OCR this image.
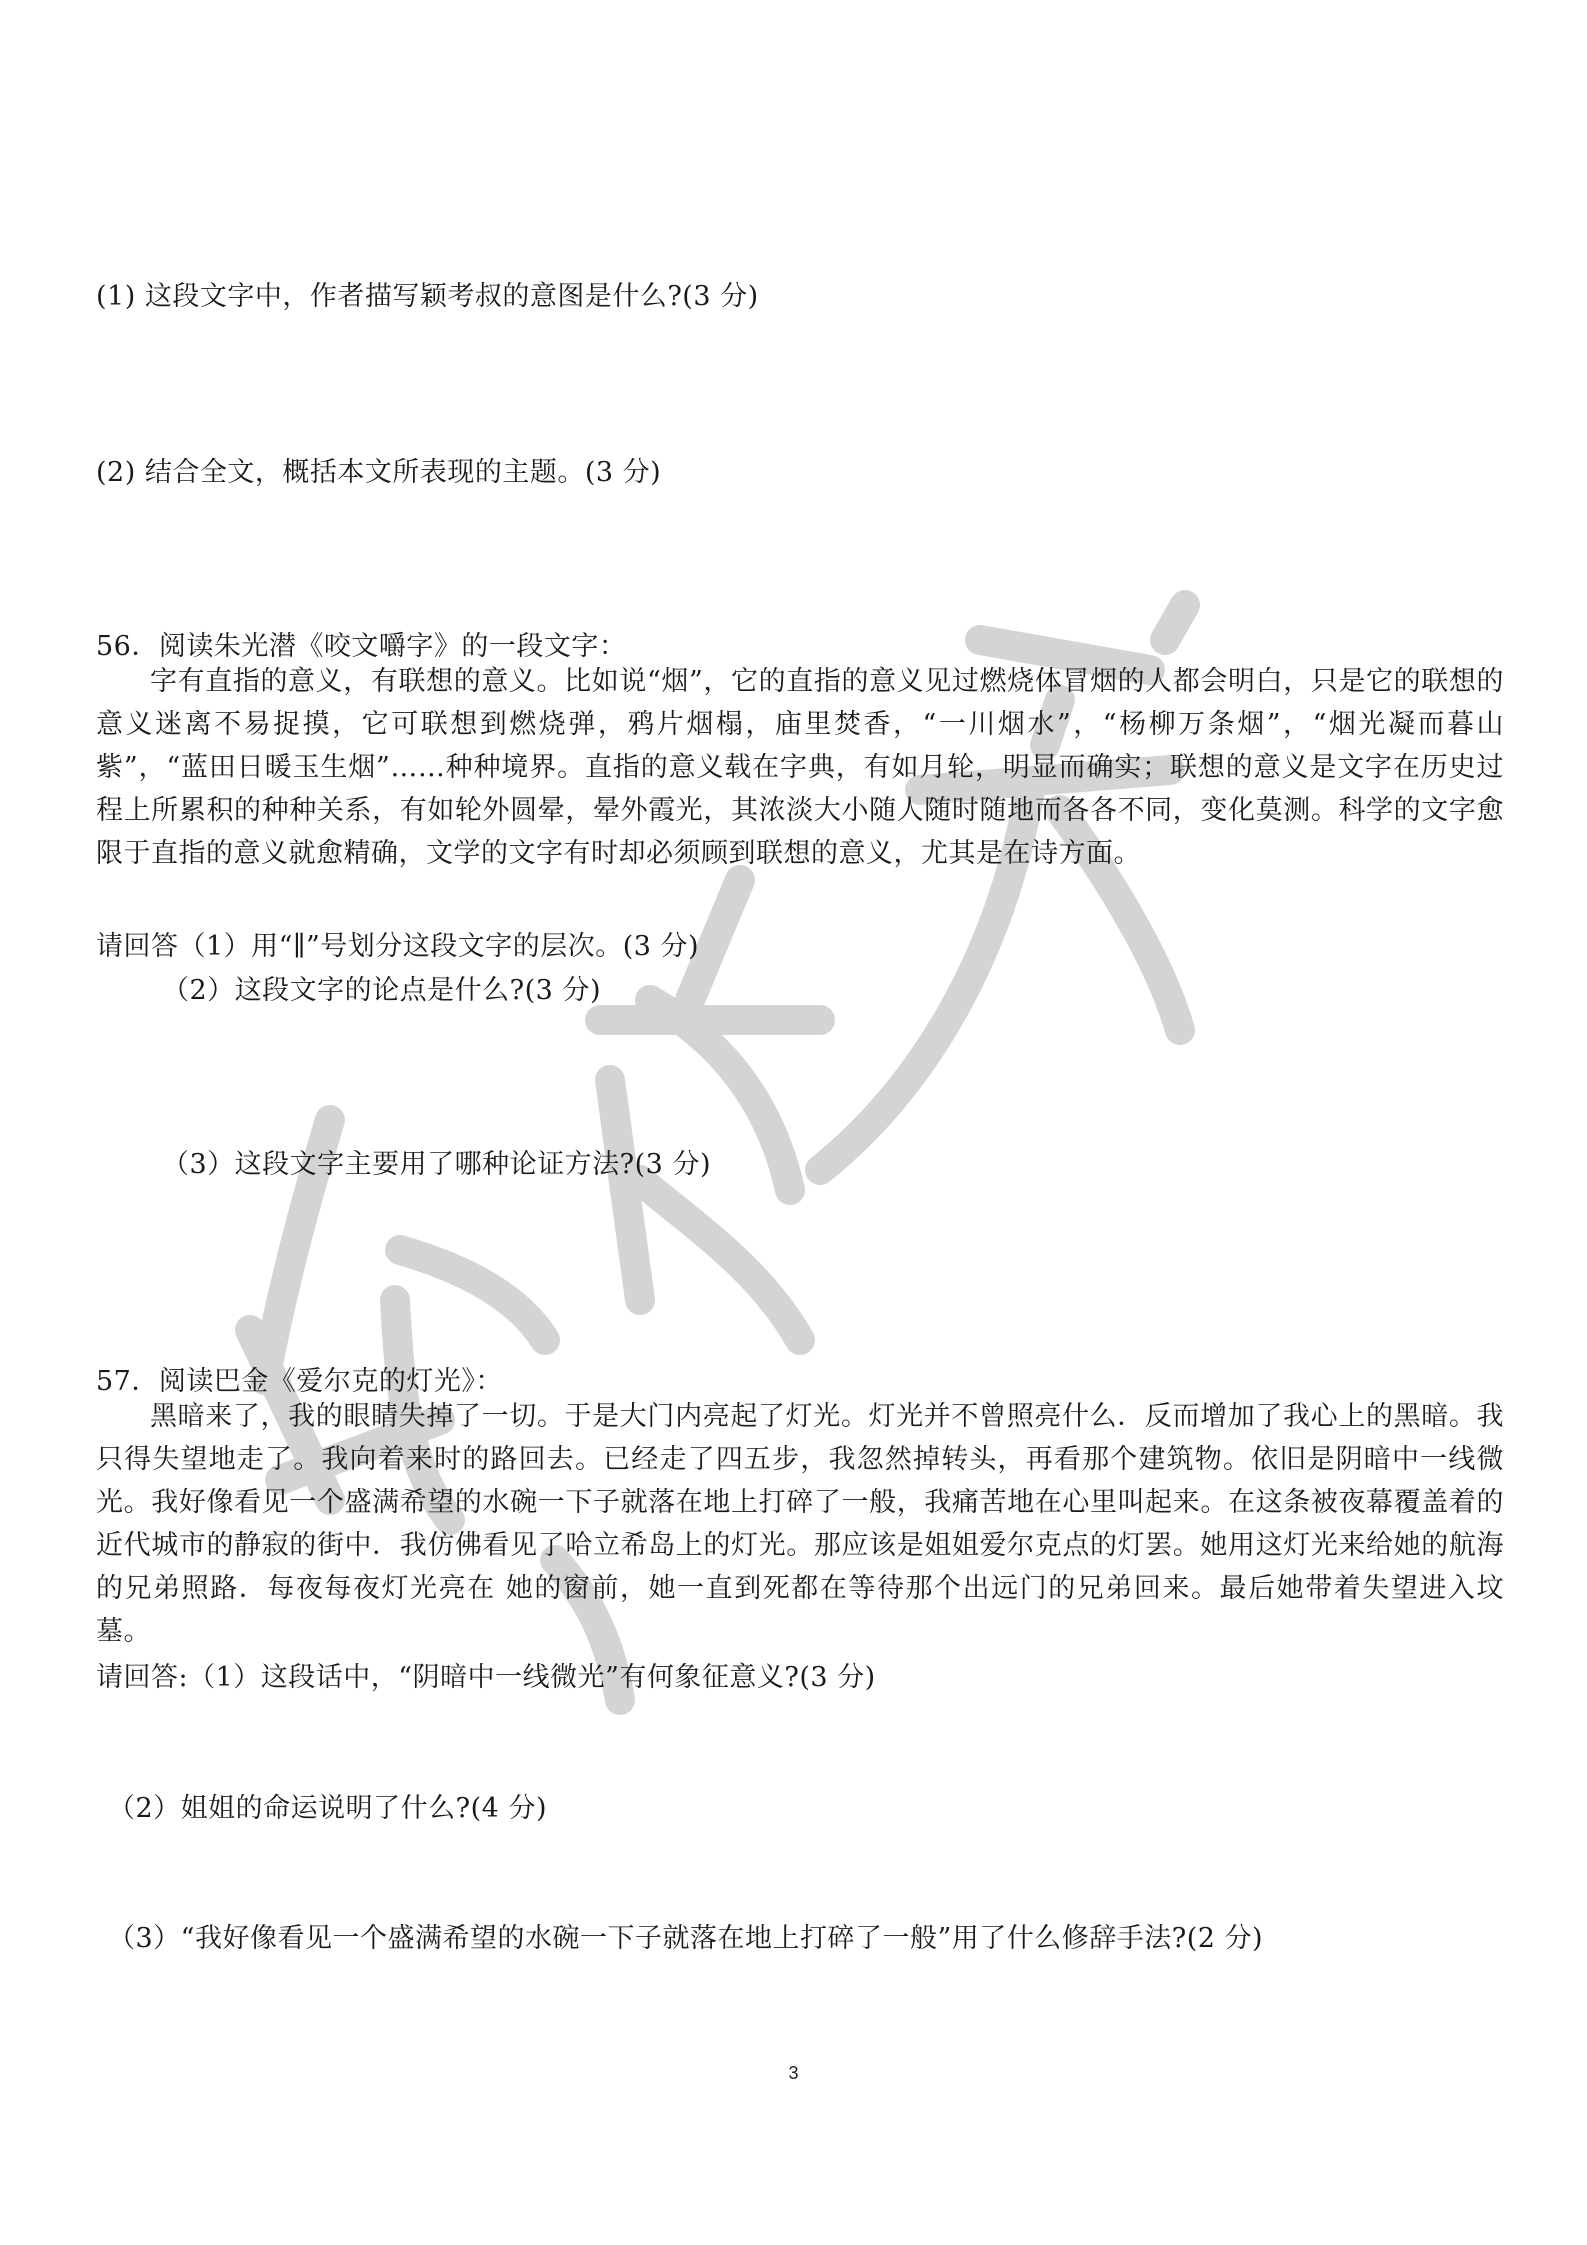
(1) 这段文字中，作者描写颖考叔的意图是什么?(3 分)
(2) 结合全文，概括本文所表现的主题。(3 分)
56．阅读朱光潜《咬文嚼字》的一段文字：
字有直指的意义，有联想的意义。比如说“烟”，它的直指的意义见过燃烧体冒烟的人都会明白，只是它的联想的意义迷离不易捉摸，它可联想到燃烧弹，鸦片烟榻，庙里焚香，“一川烟水”，“杨柳万条烟”，“烟光凝而暮山紫”，“蓝田日暖玉生烟”……种种境界。直指的意义载在字典，有如月轮，明显而确实；联想的意义是文字在历史过程上所累积的种种关系，有如轮外圆晕，晕外霞光，其浓淡大小随人随时随地而各各不同，变化莫测。科学的文字愈限于直指的意义就愈精确，文学的文字有时却必须顾到联想的意义，尤其是在诗方面。
请回答（1）用“∥”号划分这段文字的层次。(3 分)
（2）这段文字的论点是什么?(3 分)
（3）这段文字主要用了哪种论证方法?(3 分)
57．阅读巴金《爱尔克的灯光》：
黑暗来了，我的眼睛失掉了一切。于是大门内亮起了灯光。灯光并不曾照亮什么．反而增加了我心上的黑暗。我只得失望地走了。我向着来时的路回去。已经走了四五步，我忽然掉转头，再看那个建筑物。依旧是阴暗中一线微光。我好像看见一个盛满希望的水碗一下子就落在地上打碎了一般，我痛苦地在心里叫起来。在这条被夜幕覆盖着的近代城市的静寂的街中．我仿佛看见了哈立希岛上的灯光。那应该是姐姐爱尔克点的灯罢。她用这灯光来给她的航海的兄弟照路．每夜每夜灯光亮在 她的窗前，她一直到死都在等待那个出远门的兄弟回来。最后她带着失望进入坟墓。
请回答:（1）这段话中，“阴暗中一线微光”有何象征意义?(3 分)
（2）姐姐的命运说明了什么?(4 分)
（3）“我好像看见一个盛满希望的水碗一下子就落在地上打碎了一般”用了什么修辞手法?(2 分)
3
